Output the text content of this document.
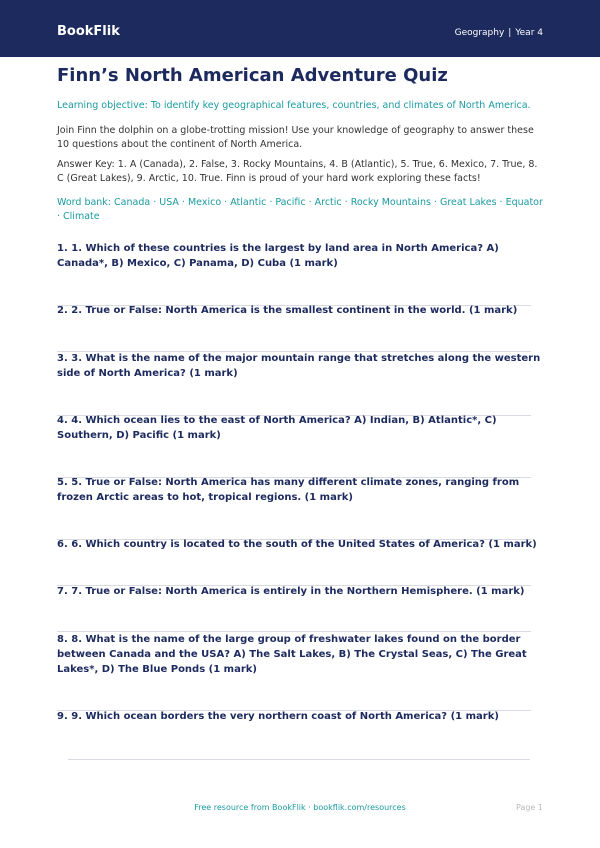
BookFlik	Geography | Year 4
Finn’s North American Adventure Quiz
Learning objective: To identify key geographical features, countries, and climates of North America.
Join Finn the dolphin on a globe-trotting mission! Use your knowledge of geography to answer these 10 questions about the continent of North America.
Answer Key: 1. A (Canada), 2. False, 3. Rocky Mountains, 4. B (Atlantic), 5. True, 6. Mexico, 7. True, 8. C (Great Lakes), 9. Arctic, 10. True. Finn is proud of your hard work exploring these facts!
Word bank: Canada · USA · Mexico · Atlantic · Pacific · Arctic · Rocky Mountains · Great Lakes · Equator · Climate
1. 1. Which of these countries is the largest by land area in North America? A) Canada*, B) Mexico, C) Panama, D) Cuba (1 mark)
2. 2. True or False: North America is the smallest continent in the world. (1 mark)
3. 3. What is the name of the major mountain range that stretches along the western side of North America? (1 mark)
4. 4. Which ocean lies to the east of North America? A) Indian, B) Atlantic*, C) Southern, D) Pacific (1 mark)
5. 5. True or False: North America has many different climate zones, ranging from frozen Arctic areas to hot, tropical regions. (1 mark)
6. 6. Which country is located to the south of the United States of America? (1 mark)
7. 7. True or False: North America is entirely in the Northern Hemisphere. (1 mark)
8. 8. What is the name of the large group of freshwater lakes found on the border between Canada and the USA? A) The Salt Lakes, B) The Crystal Seas, C) The Great Lakes*, D) The Blue Ponds (1 mark)
9. 9. Which ocean borders the very northern coast of North America? (1 mark)
Free resource from BookFlik · bookflik.com/resources	Page 1
